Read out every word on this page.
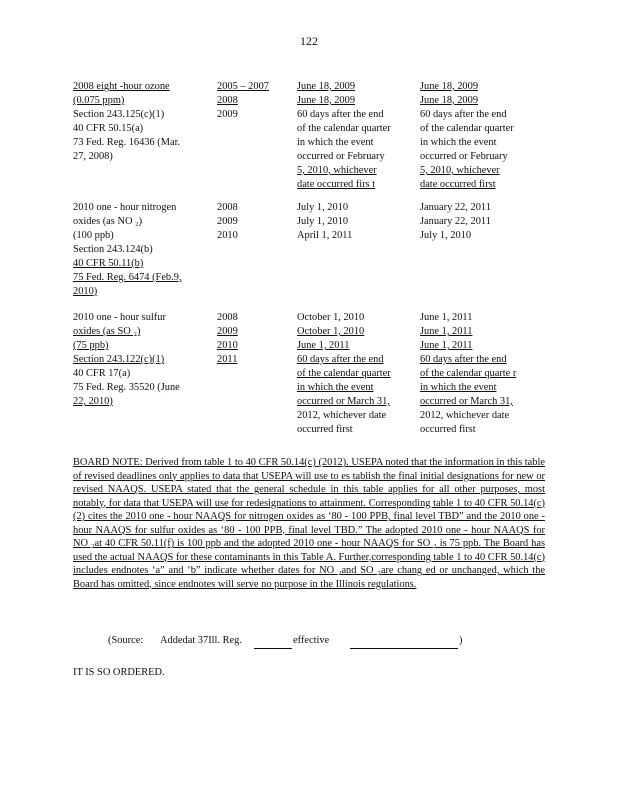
122
2008 eight -hour ozone
(0.075 ppm)
Section 243.125(c)(1)
40 CFR 50.15(a)
73 Fed. Reg. 16436 (Mar.
27, 2008)
2005 – 2007
2008
2009
June 18, 2009
June 18, 2009
60 days after the end
of the calendar quarter
in which the event
occurred or February
5, 2010, whichever
date occurred firs t
June 18, 2009
June 18, 2009
60 days after the end
of the calendar quarter
in which the event
occurred or February
5, 2010, whichever
date occurred first
2010 one - hour nitrogen
oxides (as NO ₂)
(100 ppb)
Section 243.124(b)
40 CFR 50.11(b)
75 Fed. Reg. 6474 (Feb.9,
2010)
2008
2009
2010
July 1, 2010
July 1, 2010
April 1, 2011
January 22, 2011
January 22, 2011
July 1, 2010
2010 one - hour sulfur
oxides (as SO ₂)
(75 ppb)
Section 243.122(c)(1)
40 CFR 17(a)
75 Fed. Reg. 35520 (June
22, 2010)
2008
2009
2010
2011
October 1, 2010
October 1, 2010
June 1, 2011
60 days after the end
of the calendar quarter
in which the event
occurred or March 31,
2012, whichever date
occurred first
June 1, 2011
June 1, 2011
June 1, 2011
60 days after the end
of the calendar quarte r
in which the event
occurred or March 31,
2012, whichever date
occurred first

BOARD NOTE: Derived from table 1 to 40 CFR 50.14(c) (2012). USEPA noted that the information in this table of revised deadlines only applies to data that USEPA will use to es tablish the final initial designations for new or revised NAAQS. USEPA stated that the general schedule in this table applies for all other purposes, most notably, for data that USEPA will use for redesignations to attainment. Corresponding table 1 to 40 CFR 50.14(c)(2) cites the 2010 one - hour NAAQS for nitrogen oxides as ‘80 - 100 PPB, final level TBD” and the 2010 one - hour NAAQS for sulfur oxides as ‘80 - 100 PPB, final level TBD.” The adopted 2010 one - hour NAAQS for NO ₂at 40 CFR 50.11(f) is 100 ppb and the adopted 2010 one - hour NAAQS for SO ₂ is 75 ppb. The Board has used the actual NAAQS for these contaminants in this Table A. Further,corresponding table 1 to 40 CFR 50.14(c) includes endnotes ‘a” and ‘b” indicate whether dates for NO ₂and SO ₂are chang ed or unchanged, which the Board has omitted, since endnotes will serve no purpose in the Illinois regulations.

(Source: Addedat 37Ill. Reg.	effective	)
IT IS SO ORDERED.
